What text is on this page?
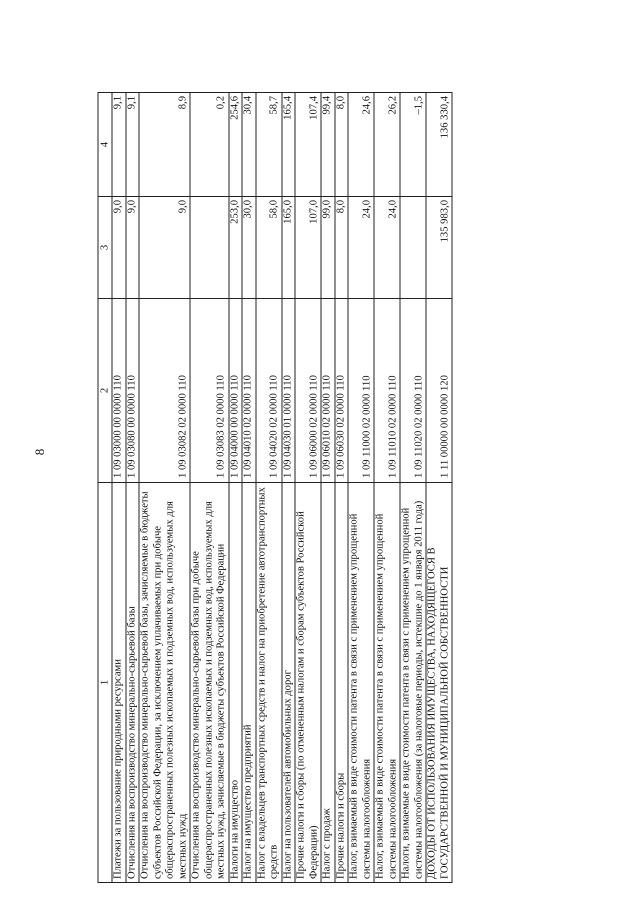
8
1	2	3	4
Платежи за пользование природными ресурсами	1 09 03000 00 0000 110	9,0	9,1
Отчисления на воспроизводство минерально-сырьевой базы	1 09 03080 00 0000 110	9,0	9,1
Отчисления на воспроизводство минерально-сырьевой базы, зачисляемые в бюджеты субъектов Российской Федерации, за исключением уплачиваемых при добыче общераспространенных полезных ископаемых и подземных вод, используемых для местных нужд	1 09 03082 02 0000 110	9,0	8,9
Отчисления на воспроизводство минерально-сырьевой базы при добыче общераспространенных полезных ископаемых и подземных вод, используемых для местных нужд, зачисляемые в бюджеты субъектов Российской Федерации	1 09 03083 02 0000 110		0,2
Налоги на имущество	1 09 04000 00 0000 110	253,0	254,6
Налог на имущество предприятий	1 09 04010 02 0000 110	30,0	30,4
Налог с владельцев транспортных средств и налог на приобретение автотранспортных средств	1 09 04020 02 0000 110	58,0	58,7
Налог на пользователей автомобильных дорог	1 09 04030 01 0000 110	165,0	165,4
Прочие налоги и сборы (по отмененным налогам и сборам субъектов Российской Федерации)	1 09 06000 02 0000 110	107,0	107,4
Налог с продаж	1 09 06010 02 0000 110	99,0	99,4
Прочие налоги и сборы	1 09 06030 02 0000 110	8,0	8,0
Налог, взимаемый в виде стоимости патента в связи с применением упрощенной системы налогообложения	1 09 11000 02 0000 110	24,0	24,6
Налог, взимаемый в виде стоимости патента в связи с применением упрощенной системы налогообложения	1 09 11010 02 0000 110	24,0	26,2
Налоги, взимаемые в виде стоимости патента в связи с применением упрощенной системы налогообложения (за налоговые периоды, истекшие до 1 января 2011 года)	1 09 11020 02 0000 110		–1,5
ДОХОДЫ ОТ ИСПОЛЬЗОВАНИЯ ИМУЩЕСТВА, НАХОДЯЩЕГОСЯ В ГОСУДАРСТВЕННОЙ И МУНИЦИПАЛЬНОЙ СОБСТВЕННОСТИ	1 11 00000 00 0000 120	135 983,0	136 330,4
